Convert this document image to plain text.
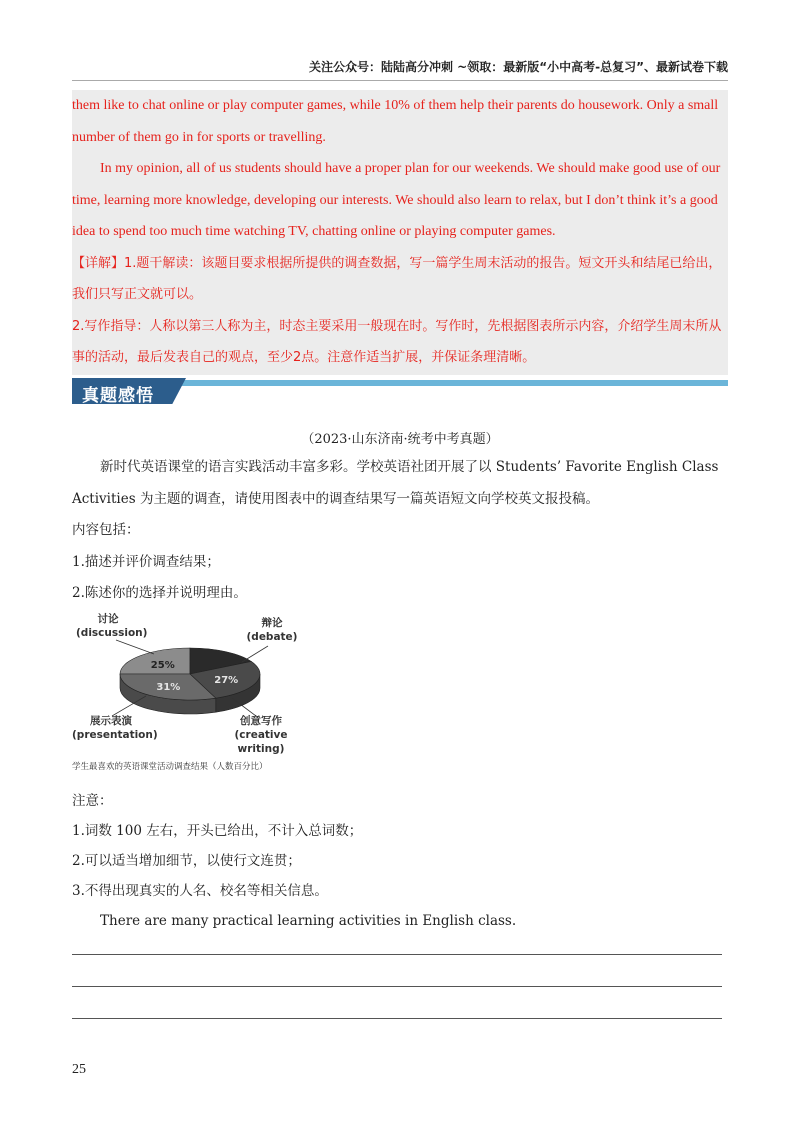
关注公众号：陆陆高分冲刺 ~领取：最新版“小中高考-总复习”、最新试卷下载

them like to chat online or play computer games, while 10% of them help their parents do housework. Only a small number of them go in for sports or travelling.

In my opinion, all of us students should have a proper plan for our weekends. We should make good use of our time, learning more knowledge, developing our interests. We should also learn to relax, but I don’t think it’s a good idea to spend too much time watching TV, chatting online or playing computer games.

【详解】1.题干解读：该题目要求根据所提供的调查数据，写一篇学生周末活动的报告。短文开头和结尾已给出，我们只写正文就可以。

2.写作指导：人称以第三人称为主，时态主要采用一般现在时。写作时，先根据图表所示内容，介绍学生周末所从事的活动，最后发表自己的观点，至少2点。注意作适当扩展，并保证条理清晰。

真题感悟
（2023·山东济南·统考中考真题）

新时代英语课堂的语言实践活动丰富多彩。学校英语社团开展了以 Students’ Favorite English Class Activities 为主题的调查，请使用图表中的调查结果写一篇英语短文向学校英文报投稿。

内容包括：

1.描述并评价调查结果；

2.陈述你的选择并说明理由。

25%
27%
31%
讨论
(discussion)
辩论
(debate)
展示表演
(presentation)
创意写作
(creative writing)
学生最喜欢的英语课堂活动调查结果（人数百分比）

注意：

1.词数 100 左右，开头已给出，不计入总词数；

2.可以适当增加细节，以使行文连贯；

3.不得出现真实的人名、校名等相关信息。

There are many practical learning activities in English class.

25
